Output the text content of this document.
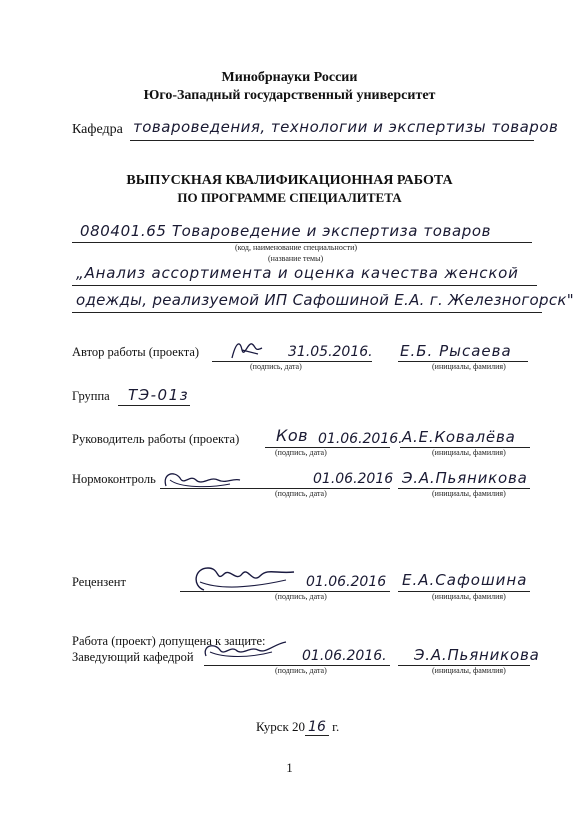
Минобрнауки России
Юго-Западный государственный университет
Кафедра товароведения, технологии и экспертизы товаров
ВЫПУСКНАЯ КВАЛИФИКАЦИОННАЯ РАБОТА
ПО ПРОГРАММЕ СПЕЦИАЛИТЕТА
080401.65 Товароведение и экспертиза товаров
(код, наименование специальности)
(название темы)
„Анализ ассортимента и оценка качества женской
одежды, реализуемой ИП Сафошиной Е.А. г. Железногорск"
Автор работы (проекта)	31.05.2016. Е.Б. Рысаева
(подпись, дата)	(инициалы, фамилия)
Группа ТЭ-01з
Руководитель работы (проекта) Ков 01.06.2016. А.Е.Ковалёва
(подпись, дата)	(инициалы, фамилия)
Нормоконтроль	01.06.2016 Э.А.Пьяникова
(подпись, дата)	(инициалы, фамилия)
Рецензент	01.06.2016 Е.А.Сафошина
(подпись, дата)	(инициалы, фамилия)
Работа (проект) допущена к защите:
Заведующий кафедрой	01.06.2016. Э.А.Пьяникова
(подпись, дата)	(инициалы, фамилия)
Курск 20 16 г.
1
